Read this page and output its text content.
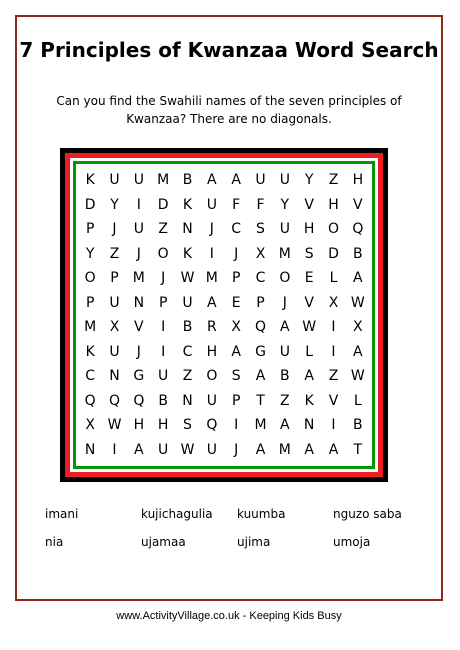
7 Principles of Kwanzaa Word Search
Can you find the Swahili names of the seven principles of Kwanzaa? There are no diagonals.
K	U	U M B	A	A	U	U	Y	Z	H
D	Y	I	D	K	U	F	F	Y	V	H	V
P	J	U	Z	N	J	C	S	U H O Q
Y	Z	J	O	K	I	J	X M S	D	B
O	P	M	J	W M	P	C O	E	L	A
P	U N	P	U	A	E	P	J	V	X W
M X	V	I	B	R	X	Q	A W	I	X
K	U	J	I	C	H	A	G U	L	I	A
C	N G U	Z	O	S	A	B	A	Z W
Q Q Q	B	N U	P	T	Z	K	V	L
X W H H	S	Q	I	M A	N	I	B
N	I	A	U W U	J	A M A	A	T
imani	kujichagulia	kuumba	nguzo saba
nia	ujamaa	ujima	umoja
www.ActivityVillage.co.uk - Keeping Kids Busy
